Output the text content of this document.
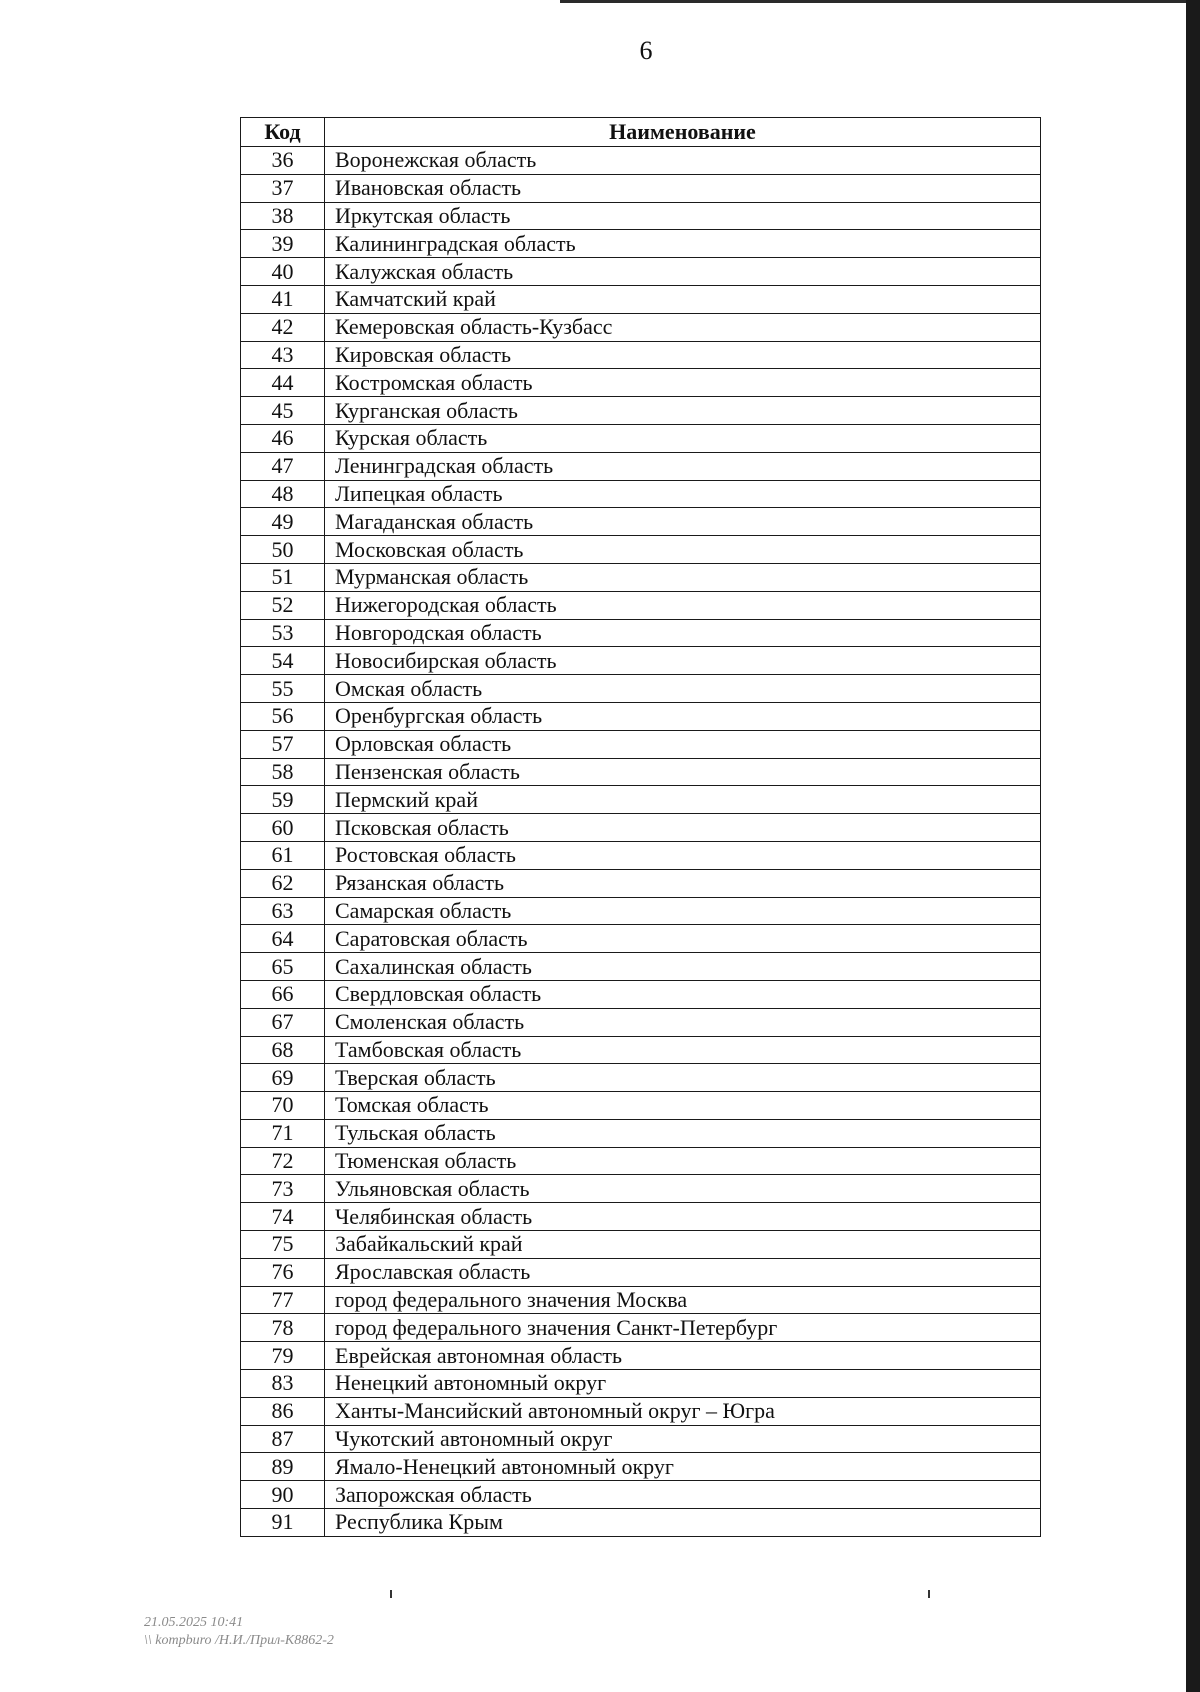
6
Код	Наименование
36	Воронежская область
37	Ивановская область
38	Иркутская область
39	Калининградская область
40	Калужская область
41	Камчатский край
42	Кемеровская область-Кузбасс
43	Кировская область
44	Костромская область
45	Курганская область
46	Курская область
47	Ленинградская область
48	Липецкая область
49	Магаданская область
50	Московская область
51	Мурманская область
52	Нижегородская область
53	Новгородская область
54	Новосибирская область
55	Омская область
56	Оренбургская область
57	Орловская область
58	Пензенская область
59	Пермский край
60	Псковская область
61	Ростовская область
62	Рязанская область
63	Самарская область
64	Саратовская область
65	Сахалинская область
66	Свердловская область
67	Смоленская область
68	Тамбовская область
69	Тверская область
70	Томская область
71	Тульская область
72	Тюменская область
73	Ульяновская область
74	Челябинская область
75	Забайкальский край
76	Ярославская область
77	город федерального значения Москва
78	город федерального значения Санкт-Петербург
79	Еврейская автономная область
83	Ненецкий автономный округ
86	Ханты-Мансийский автономный округ – Югра
87	Чукотский автономный округ
89	Ямало-Ненецкий автономный округ
90	Запорожская область
91	Республика Крым
21.05.2025 10:41
\\ kompburo /Н.И./Прил-К8862-2
